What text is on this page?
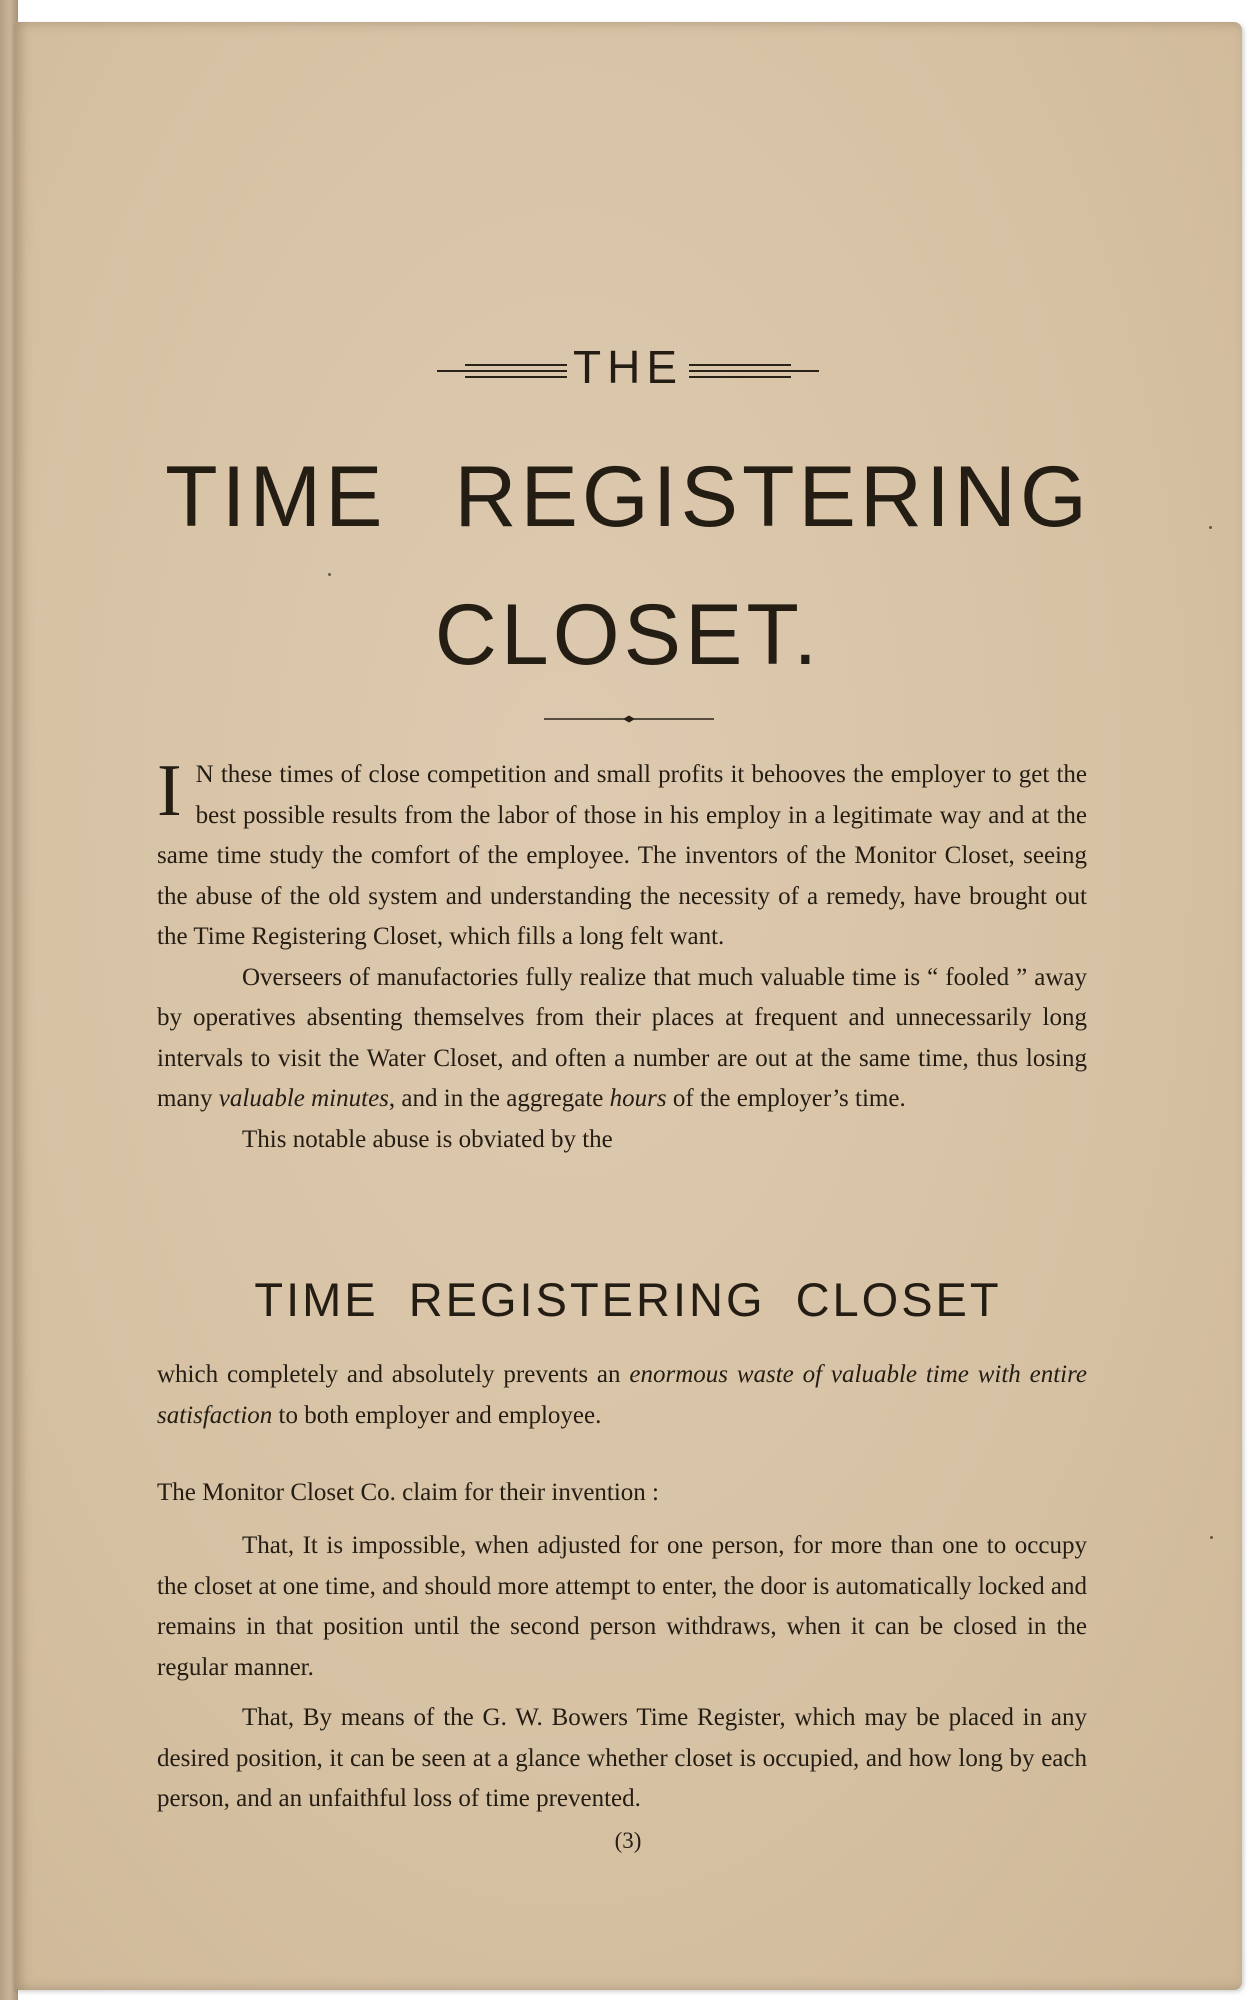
THE
TIME REGISTERING
CLOSET.
I N these times of close competition and small profits it behooves the employer to get the best possible results from the labor of those in his employ in a legitimate way and at the same time study the comfort of the employee. The inventors of the Monitor Closet, seeing the abuse of the old system and understanding the necessity of a remedy, have brought out the Time Registering Closet, which fills a long felt want.
Overseers of manufactories fully realize that much valuable time is “ fooled ” away by operatives absenting themselves from their places at frequent and unnecessarily long intervals to visit the Water Closet, and often a number are out at the same time, thus losing many valuable minutes, and in the aggregate hours of the employer’s time.
This notable abuse is obviated by the
TIME REGISTERING CLOSET
which completely and absolutely prevents an enormous waste of valuable time with entire satisfaction to both employer and employee.
The Monitor Closet Co. claim for their invention :
That, It is impossible, when adjusted for one person, for more than one to occupy the closet at one time, and should more attempt to enter, the door is automatically locked and remains in that position until the second person withdraws, when it can be closed in the regular manner.
That, By means of the G. W. Bowers Time Register, which may be placed in any desired position, it can be seen at a glance whether closet is occupied, and how long by each person, and an unfaithful loss of time prevented.
(3)
